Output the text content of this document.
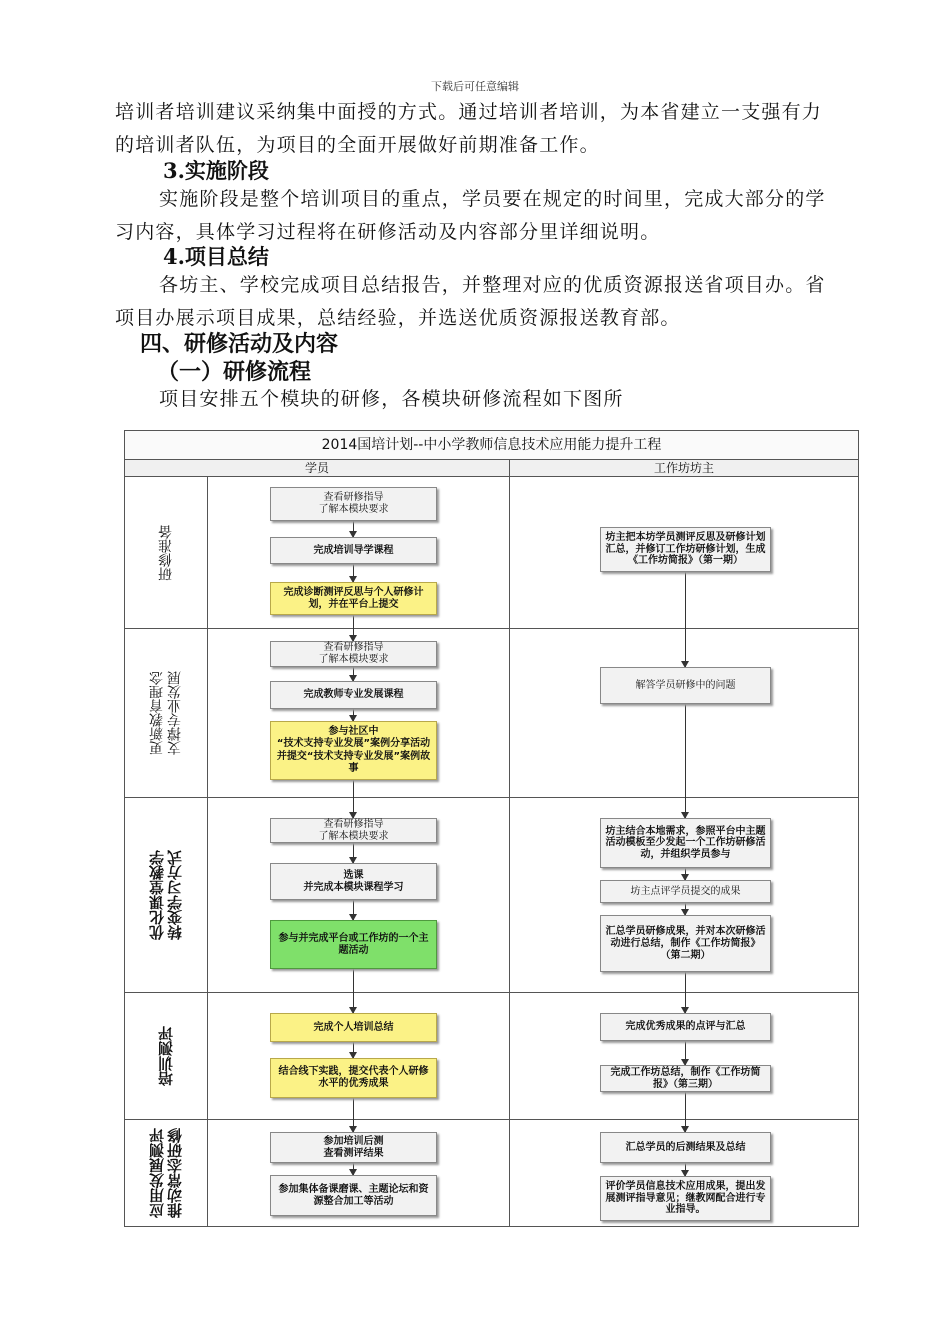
下载后可任意编辑
培训者培训建议采纳集中面授的方式。通过培训者培训，为本省建立一支强有力的培训者队伍，为项目的全面开展做好前期准备工作。
3.实施阶段
实施阶段是整个培训项目的重点，学员要在规定的时间里，完成大部分的学习内容，具体学习过程将在研修活动及内容部分里详细说明。
4.项目总结
各坊主、学校完成项目总结报告，并整理对应的优质资源报送省项目办。省项目办展示项目成果，总结经验，并选送优质资源报送教育部。
四、研修活动及内容
（一）研修流程
项目安排五个模块的研修，各模块研修流程如下图所
2014国培计划--中小学教师信息技术应用能力提升工程
学员	工作坊坊主
研修准备
更新教育理念
支撑专业发展
优化课堂教学
转变学习方式
培训测评
应用发展测评
推动常态研修
查看研修指导
了解本模块要求
完成培训导学课程
完成诊断测评反思与个人研修计划，并在平台上提交
查看研修指导
了解本模块要求
完成教师专业发展课程
参与社区中
“技术支持专业发展”案例分享活动
并提交“技术支持专业发展”案例故事
查看研修指导
了解本模块要求
选课
并完成本模块课程学习
参与并完成平台或工作坊的一个主题活动
完成个人培训总结
结合线下实践，提交代表个人研修水平的优秀成果
参加培训后测
查看测评结果
参加集体备课磨课、主题论坛和资源整合加工等活动
坊主把本坊学员测评反思及研修计划汇总，并修订工作坊研修计划，生成《工作坊简报》（第一期）
解答学员研修中的问题
坊主结合本地需求，参照平台中主题活动模板至少发起一个工作坊研修活动，并组织学员参与
坊主点评学员提交的成果
汇总学员研修成果，并对本次研修活动进行总结，制作《工作坊简报》（第二期）
完成优秀成果的点评与汇总
完成工作坊总结，制作《工作坊简报》（第三期）
汇总学员的后测结果及总结
评价学员信息技术应用成果，提出发展测评指导意见；继教网配合进行专业指导。
